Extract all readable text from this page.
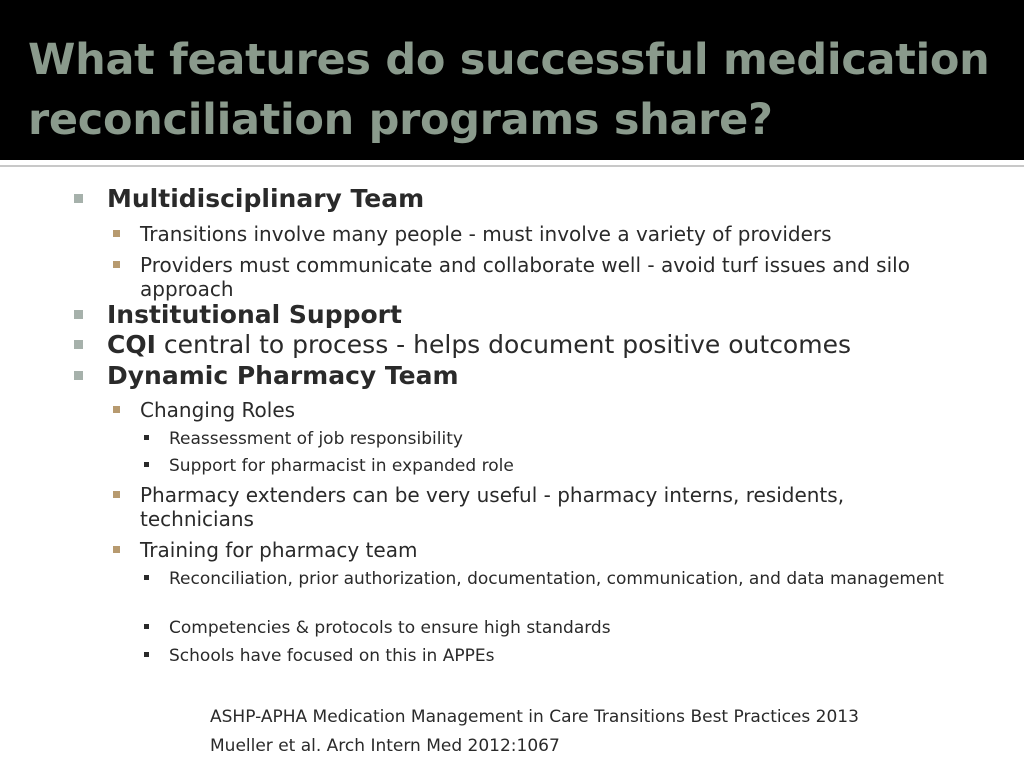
What features do successful medication reconciliation programs share?
Multidisciplinary Team
Transitions involve many people - must involve a variety of providers
Providers must communicate and collaborate well - avoid turf issues and silo approach
Institutional Support
CQI central to process - helps document positive outcomes
Dynamic Pharmacy Team
Changing Roles
Reassessment of job responsibility
Support for pharmacist in expanded role
Pharmacy extenders can be very useful - pharmacy interns, residents, technicians
Training for pharmacy team
Reconciliation, prior authorization, documentation, communication, and data management
Competencies & protocols to ensure high standards
Schools have focused on this in APPEs
ASHP-APHA Medication Management in Care Transitions Best Practices 2013
Mueller et al. Arch Intern Med 2012:1067
